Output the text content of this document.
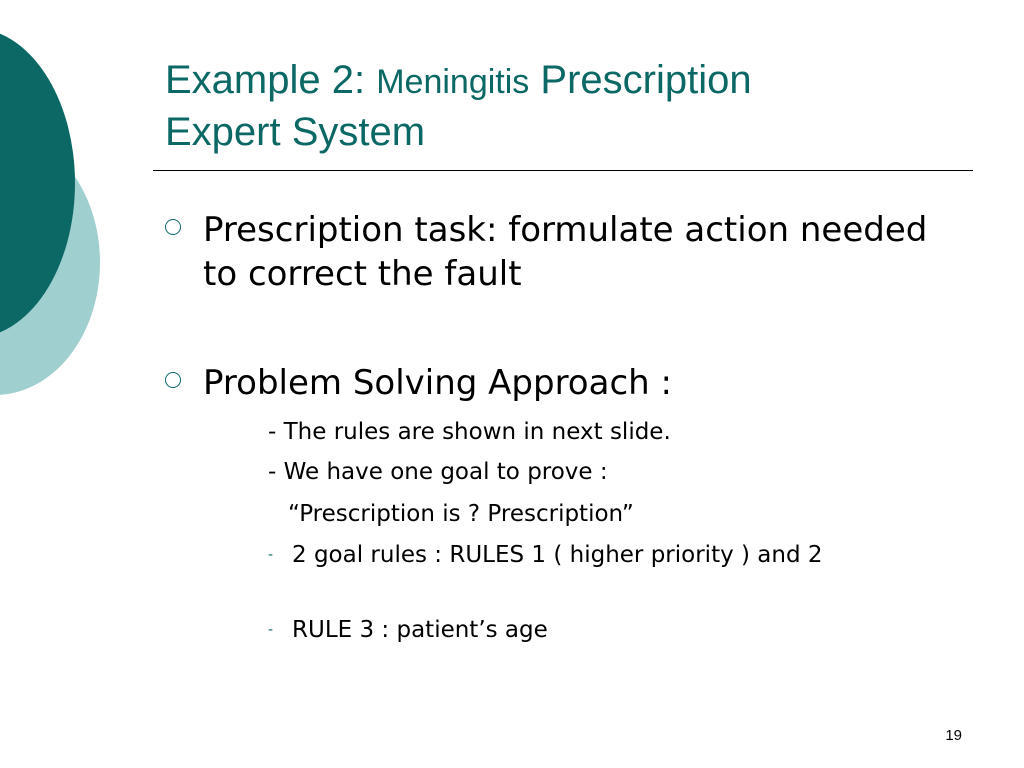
Example 2: Meningitis Prescription
Expert System
Prescription task: formulate action needed to correct the fault
Problem Solving Approach :
- The rules are shown in next slide.
- We have one goal to prove :
“Prescription is ? Prescription”
- 2 goal rules : RULES 1 ( higher priority ) and 2
- RULE 3 : patient’s age
19
